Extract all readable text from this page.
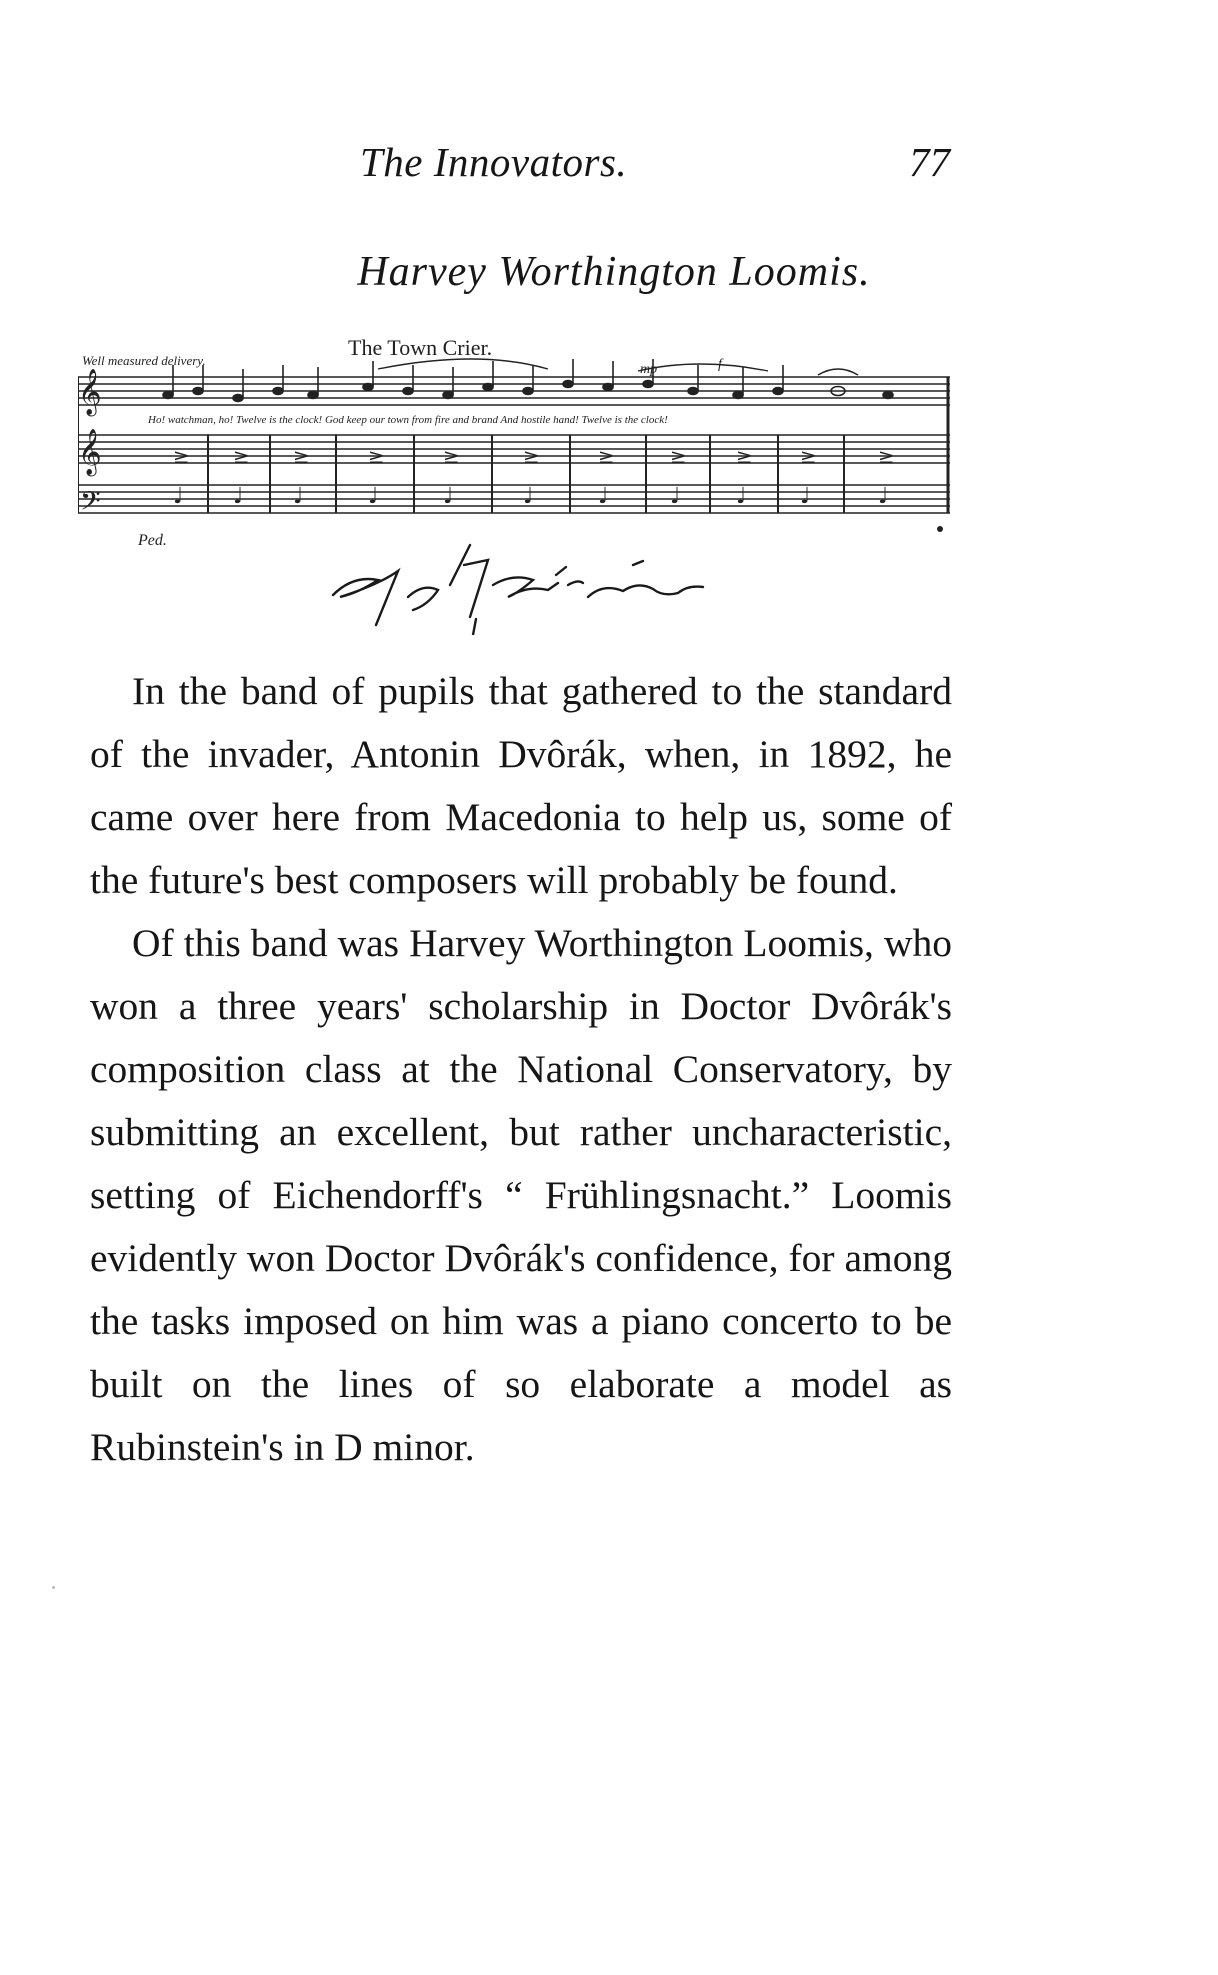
The Innovators.	77
Harvey Worthington Loomis.
Well measured delivery.
The Town Crier.
mp
𝄞
f
Ho! watchman, ho! Twelve is the clock! God keep our town from fire and brand And hostile hand! Twelve is the clock!
𝄞
𝄢
≥
♩
≥
♩
≥
♩
≥
♩
≥
♩
≥
♩
≥
♩
≥
♩
≥
♩
≥
♩
≥
♩
Ped.

In the band of pupils that gathered to the standard of the invader, Antonin Dvôrák, when, in 1892, he came over here from Macedonia to help us, some of the future's best composers will probably be found.

Of this band was Harvey Worthington Loomis, who won a three years' scholarship in Doctor Dvôrák's composition class at the National Conservatory, by submitting an excellent, but rather uncharacteristic, setting of Eichendorff's “ Frühlingsnacht.” Loomis evidently won Doctor Dvôrák's confidence, for among the tasks imposed on him was a piano concerto to be built on the lines of so elaborate a model as Rubinstein's in D minor.
